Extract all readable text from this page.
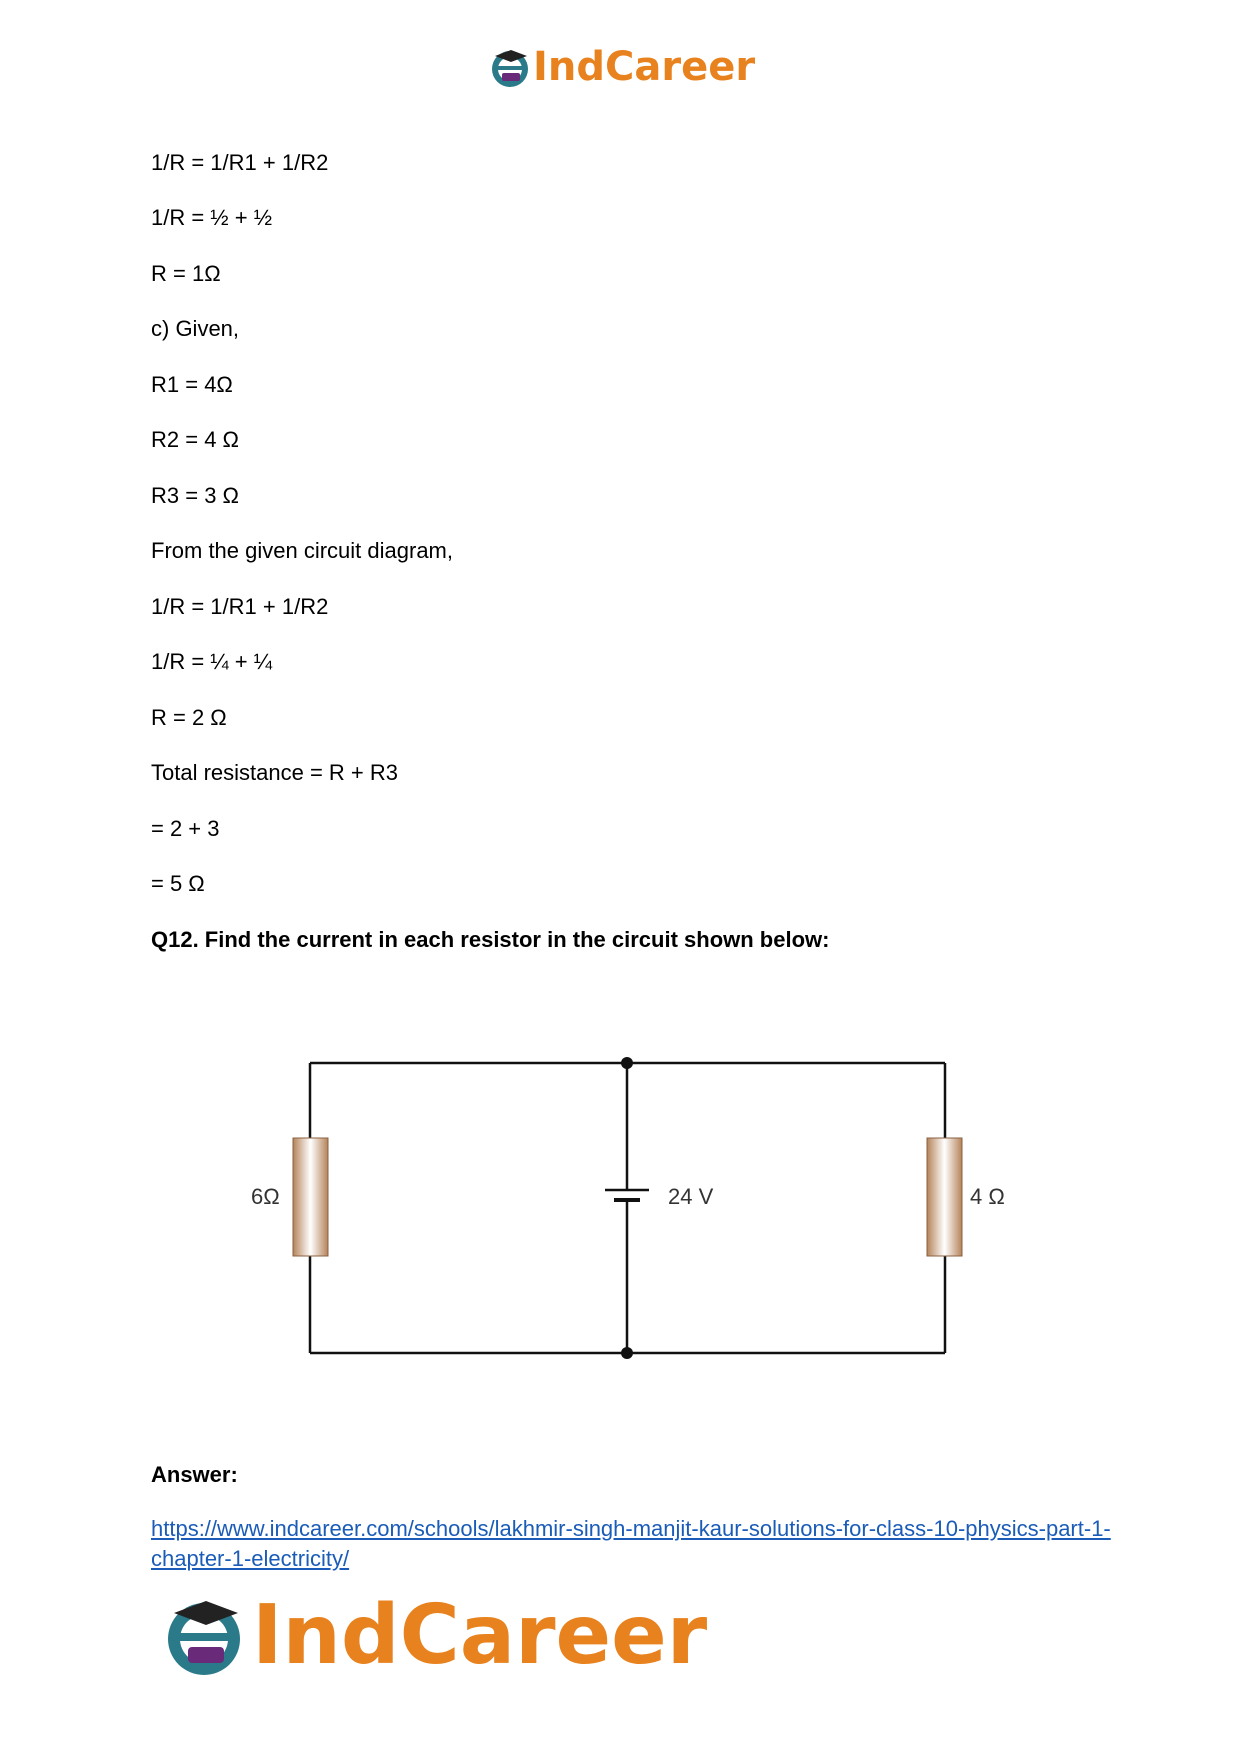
IndCareer
1/R = 1/R1 + 1/R2
1/R = ½ + ½
R = 1Ω
c) Given,
R1 = 4Ω
R2 = 4 Ω
R3 = 3 Ω
From the given circuit diagram,
1/R = 1/R1 + 1/R2
1/R = ¼ + ¼
R = 2 Ω
Total resistance = R + R3
= 2 + 3
= 5 Ω
Q12. Find the current in each resistor in the circuit shown below:
6Ω	24 V	4 Ω
Answer:
https://www.indcareer.com/schools/lakhmir-singh-manjit-kaur-solutions-for-class-10-physics-part-1-chapter-1-electricity/
IndCareer
